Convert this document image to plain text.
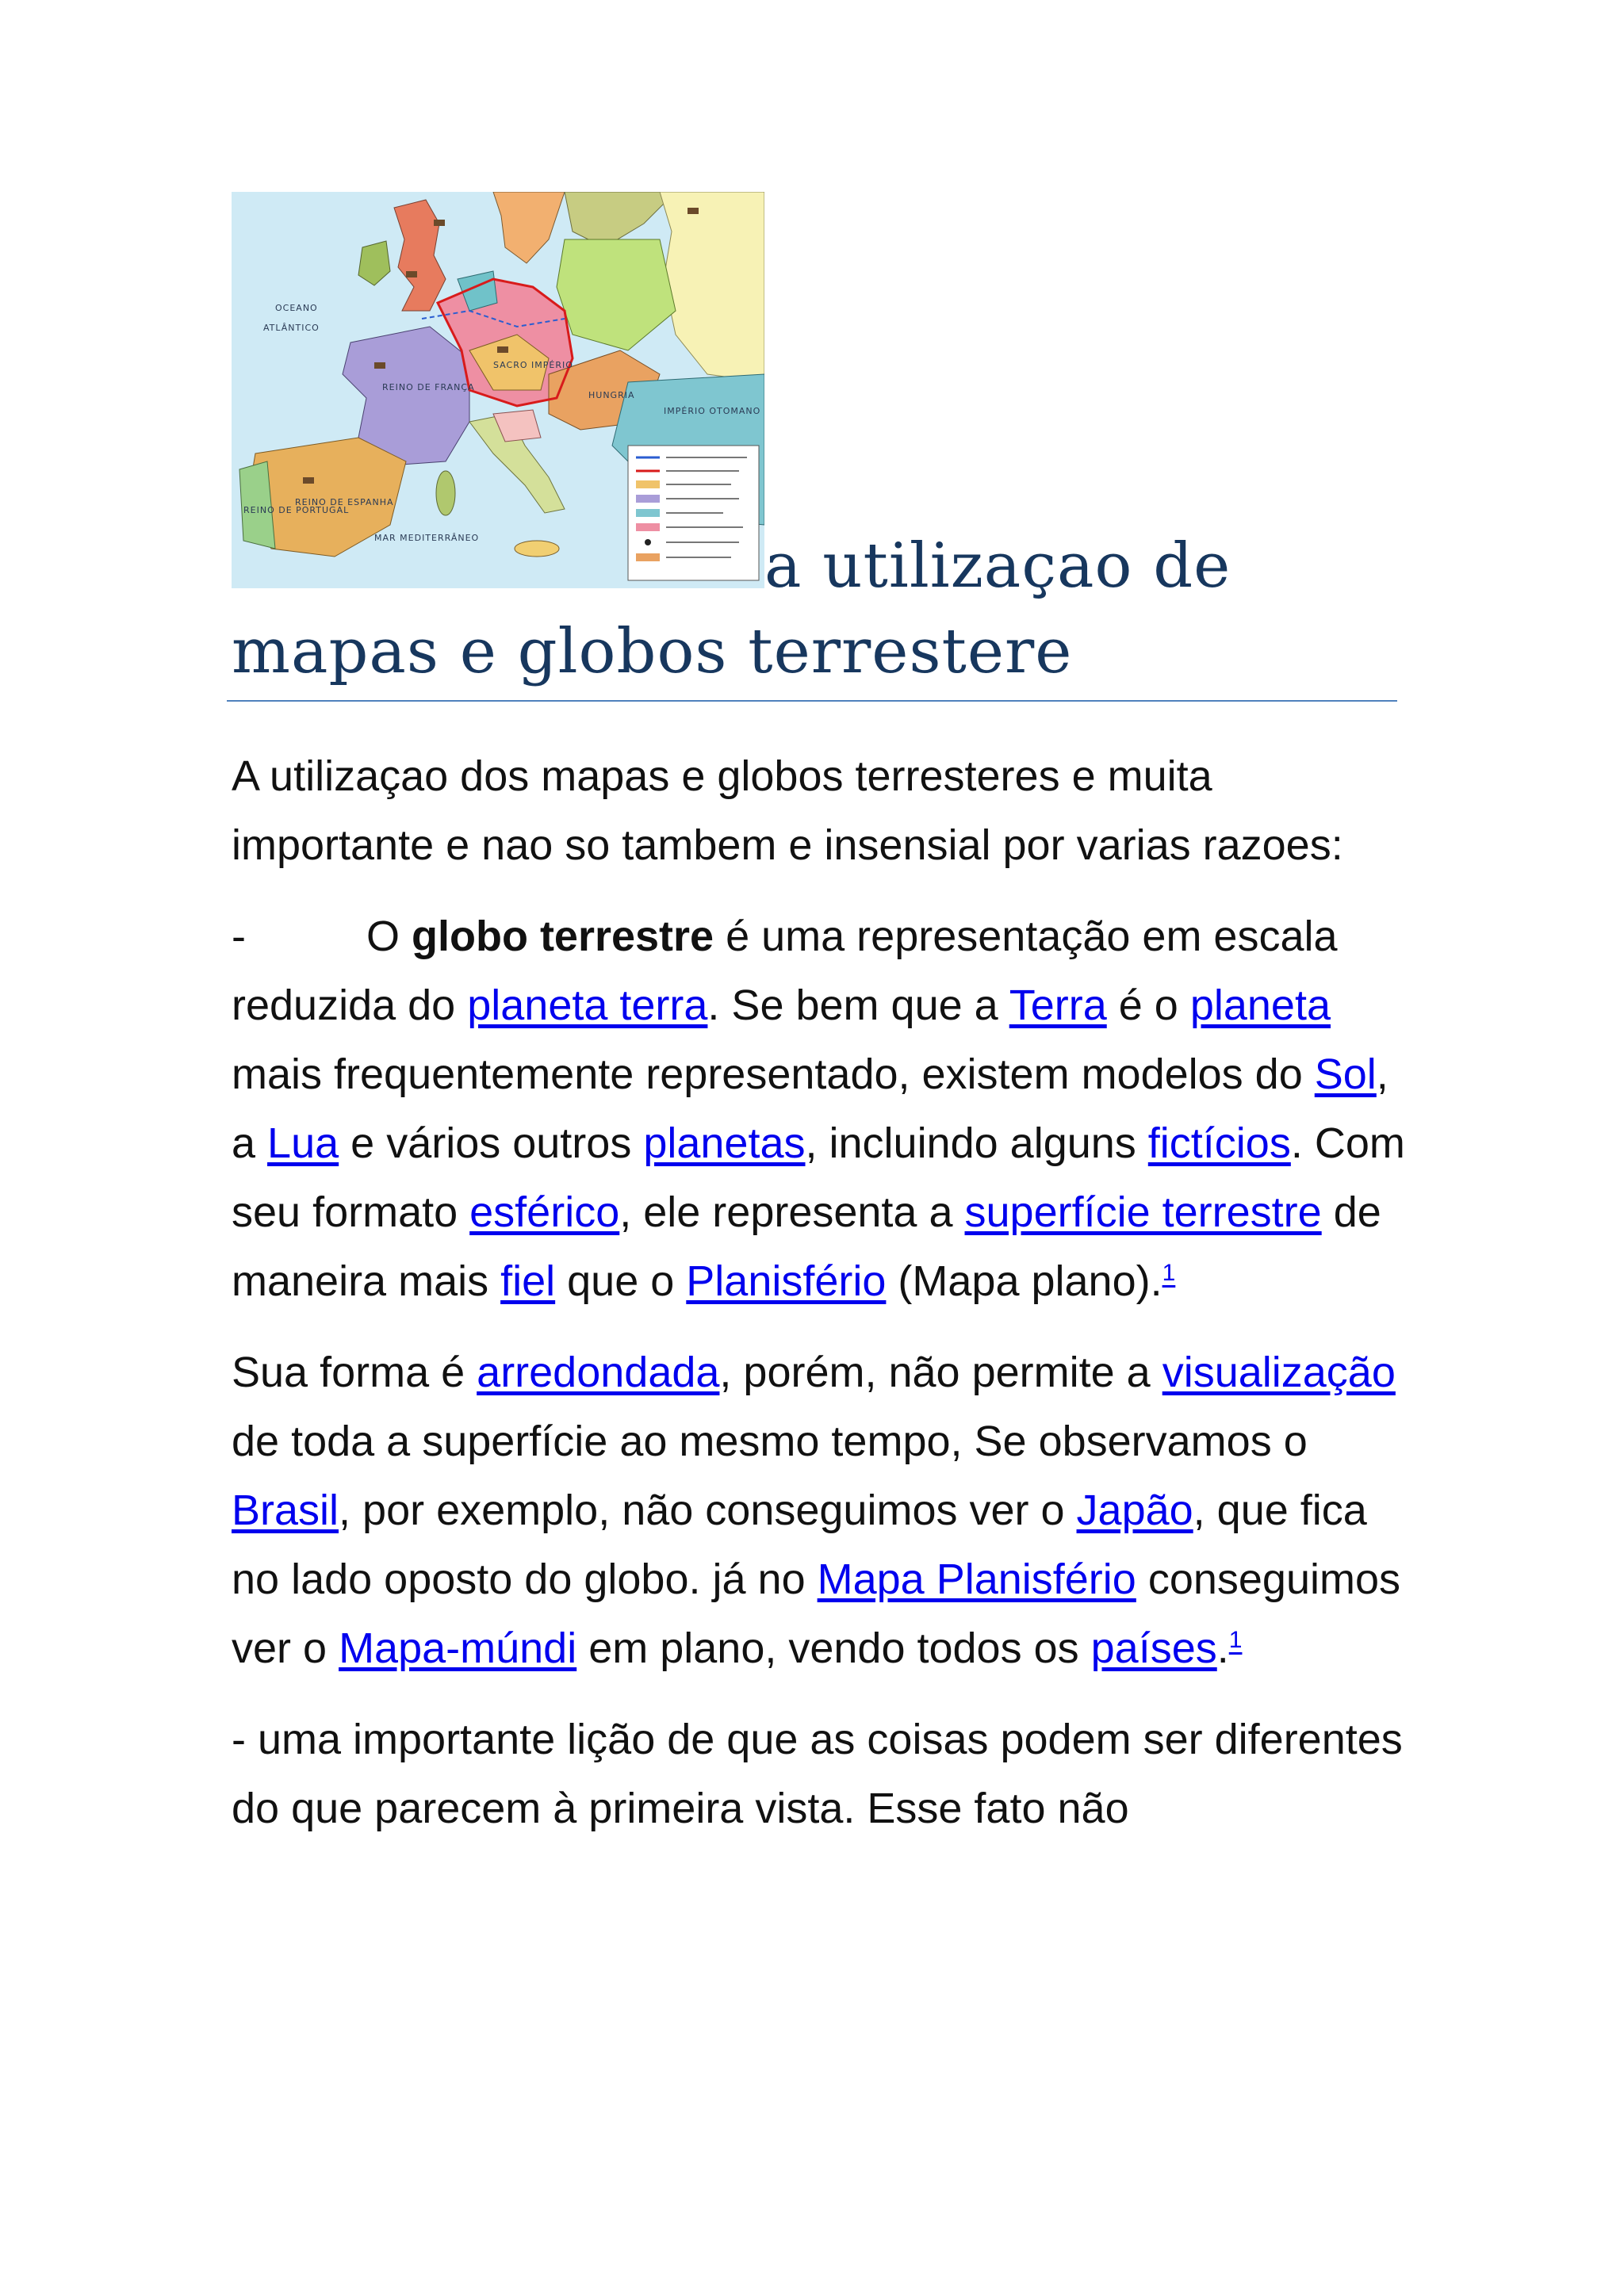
OCEANO
ATLÂNTICO
MAR MEDITERRÂNEO
SACRO IMPÉRIO
IMPÉRIO OTOMANO
REINO DE FRANÇA
REINO DE ESPANHA
REINO DE PORTUGAL
HUNGRIA
a utilizaçao de
mapas e globos terrestere

A utilizaçao dos mapas e globos terresteres e muita importante e nao so tambem e insensial por varias razoes:

-	O globo terrestre é uma representação em escala reduzida do planeta terra. Se bem que a Terra é o planeta mais frequentemente representado, existem modelos do Sol, a Lua e vários outros planetas, incluindo alguns fictícios. Com seu formato esférico, ele representa a superfície terrestre de maneira mais fiel que o Planisfério (Mapa plano).$^1$

Sua forma é arredondada, porém, não permite a visualização de toda a superfície ao mesmo tempo, Se observamos o Brasil, por exemplo, não conseguimos ver o Japão, que fica no lado oposto do globo. já no Mapa Planisfério conseguimos ver o Mapa-múndi em plano, vendo todos os países.$^1$

- uma importante lição de que as coisas podem ser diferentes do que parecem à primeira vista. Esse fato não
